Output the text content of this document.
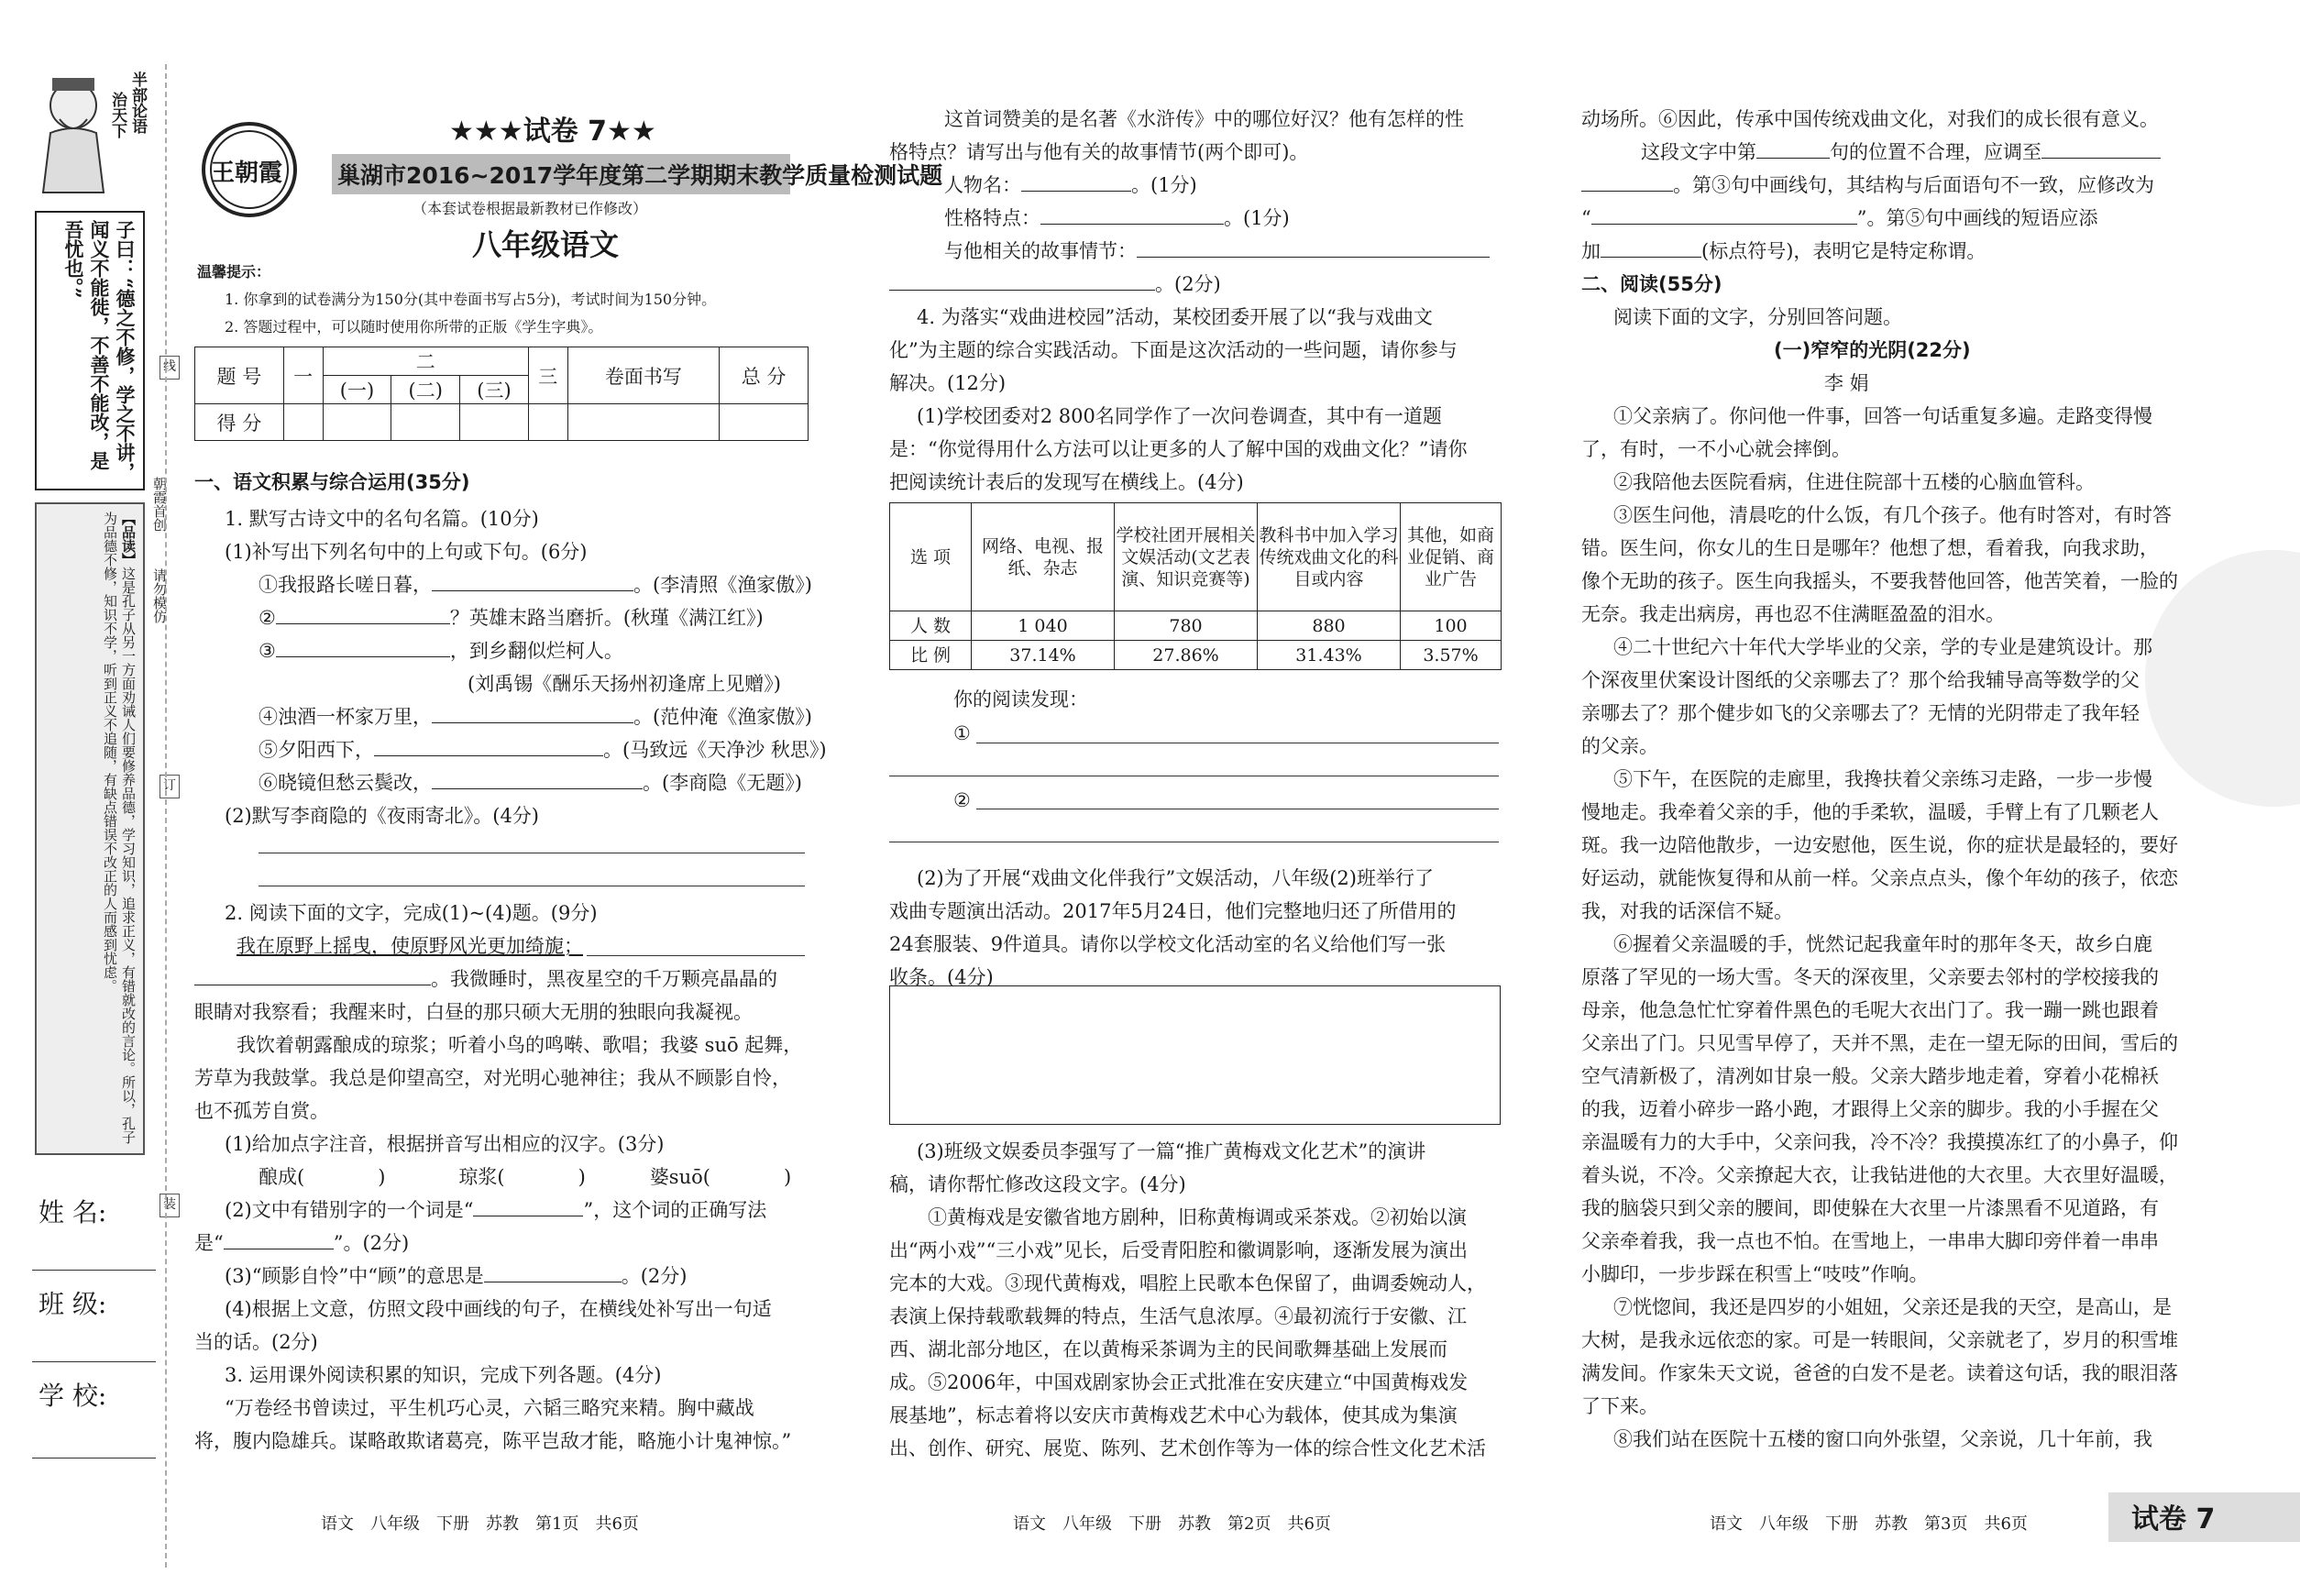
半部论语
治天下
子曰：“德之不修，学之不讲，闻义不能徙，不善不能改，是吾忧也。”
【品读】这是孔子从另一方面劝诫人们要修养品德，学习知识，追求正义，有错就改的言论。所以，孔子为品德不修，知识不学，听到正义不追随，有缺点错误不改正的人而感到忧虑。
朝霞首创
请勿模仿
线
订
装
姓 名:
班 级:
学 校:
王朝霞
★★★试卷 7★★
巢湖市2016~2017学年度第二学期期末教学质量检测试题
（本套试卷根据最新教材已作修改）
八年级语文
温馨提示：
1. 你拿到的试卷满分为150分(其中卷面书写占5分)，考试时间为150分钟。
2. 答题过程中，可以随时使用你所带的正版《学生字典》。
题 号	一	二			三	卷面书写	总 分
		(一)	(二)	(三)			
得 分							
一、语文积累与综合运用(35分)
1. 默写古诗文中的名句名篇。(10分)
(1)补写出下列名句中的上句或下句。(6分)
①我报路长嗟日暮，	。(李清照《渔家傲》)
②	？英雄末路当磨折。(秋瑾《满江红》)
③	，到乡翻似烂柯人。
(刘禹锡《酬乐天扬州初逢席上见赠》)
④浊酒一杯家万里，	。(范仲淹《渔家傲》)
⑤夕阳西下，	。(马致远《天净沙 秋思》)
⑥晓镜但愁云鬓改，	。(李商隐《无题》)
(2)默写李商隐的《夜雨寄北》。(4分)
2. 阅读下面的文字，完成(1)~(4)题。(9分)
我在原野上摇曳，使原野风光更加绮旎；
。我微睡时，黑夜星空的千万颗亮晶晶的
眼睛对我察看；我醒来时，白昼的那只硕大无朋的独眼向我凝视。
我饮着朝露酿成的琼浆；听着小鸟的鸣啭、歌唱；我婆 suō 起舞，
芳草为我鼓掌。我总是仰望高空，对光明心驰神往；我从不顾影自怜，
也不孤芳自赏。
(1)给加点字注音，根据拼音写出相应的汉字。(3分)
酿成(	)	琼浆(	)	婆suō(	)
(2)文中有错别字的一个词是“	”，这个词的正确写法
是“	”。(2分)
(3)“顾影自怜”中“顾”的意思是	。(2分)
(4)根据上文意，仿照文段中画线的句子，在横线处补写出一句适
当的话。(2分)
3. 运用课外阅读积累的知识，完成下列各题。(4分)
“万卷经书曾读过，平生机巧心灵，六韬三略究来精。胸中藏战
将，腹内隐雄兵。谋略敢欺诸葛亮，陈平岂敌才能，略施小计鬼神惊。”
语文　八年级　下册　苏教　第1页　共6页
这首词赞美的是名著《水浒传》中的哪位好汉？他有怎样的性
格特点？请写出与他有关的故事情节(两个即可)。
人物名：	。(1分)
性格特点：	。(1分)
与他相关的故事情节：
。(2分)
4. 为落实“戏曲进校园”活动，某校团委开展了以“我与戏曲文
化”为主题的综合实践活动。下面是这次活动的一些问题，请你参与
解决。(12分)
(1)学校团委对2 800名同学作了一次问卷调查，其中有一道题
是：“你觉得用什么方法可以让更多的人了解中国的戏曲文化？”请你
把阅读统计表后的发现写在横线上。(4分)
选 项	网络、电视、报纸、杂志	学校社团开展相关文娱活动(文艺表演、知识竞赛等)	教科书中加入学习传统戏曲文化的科目或内容	其他，如商业促销、商业广告
人 数	1 040	780	880	100
比 例	37.14%	27.86%	31.43%	3.57%
你的阅读发现：
①
②
(2)为了开展“戏曲文化伴我行”文娱活动，八年级(2)班举行了
戏曲专题演出活动。2017年5月24日，他们完整地归还了所借用的
24套服装、9件道具。请你以学校文化活动室的名义给他们写一张
收条。(4分)
(3)班级文娱委员李强写了一篇“推广黄梅戏文化艺术”的演讲
稿，请你帮忙修改这段文字。(4分)
①黄梅戏是安徽省地方剧种，旧称黄梅调或采茶戏。②初始以演
出“两小戏”“三小戏”见长，后受青阳腔和徽调影响，逐渐发展为演出
完本的大戏。③现代黄梅戏，唱腔上民歌本色保留了，曲调委婉动人，
表演上保持载歌载舞的特点，生活气息浓厚。④最初流行于安徽、江
西、湖北部分地区，在以黄梅采茶调为主的民间歌舞基础上发展而
成。⑤2006年，中国戏剧家协会正式批准在安庆建立“中国黄梅戏发
展基地”，标志着将以安庆市黄梅戏艺术中心为载体，使其成为集演
出、创作、研究、展览、陈列、艺术创作等为一体的综合性文化艺术活
语文　八年级　下册　苏教　第2页　共6页
动场所。⑥因此，传承中国传统戏曲文化，对我们的成长很有意义。
这段文字中第	句的位置不合理，应调至
。第③句中画线句，其结构与后面语句不一致，应修改为
“	”。第⑤句中画线的短语应添
加	(标点符号)，表明它是特定称谓。
二、阅读(55分)
阅读下面的文字，分别回答问题。
(一)窄窄的光阴(22分)
李 娟
①父亲病了。你问他一件事，回答一句话重复多遍。走路变得慢
了，有时，一不小心就会摔倒。
②我陪他去医院看病，住进住院部十五楼的心脑血管科。
③医生问他，清晨吃的什么饭，有几个孩子。他有时答对，有时答
错。医生问，你女儿的生日是哪年？他想了想，看着我，向我求助，
像个无助的孩子。医生向我摇头，不要我替他回答，他苦笑着，一脸的
无奈。我走出病房，再也忍不住满眶盈盈的泪水。
④二十世纪六十年代大学毕业的父亲，学的专业是建筑设计。那
个深夜里伏案设计图纸的父亲哪去了？那个给我辅导高等数学的父
亲哪去了？那个健步如飞的父亲哪去了？无情的光阴带走了我年轻
的父亲。
⑤下午，在医院的走廊里，我搀扶着父亲练习走路，一步一步慢
慢地走。我牵着父亲的手，他的手柔软，温暖，手臂上有了几颗老人
斑。我一边陪他散步，一边安慰他，医生说，你的症状是最轻的，要好
好运动，就能恢复得和从前一样。父亲点点头，像个年幼的孩子，依恋
我，对我的话深信不疑。
⑥握着父亲温暖的手，恍然记起我童年时的那年冬天，故乡白鹿
原落了罕见的一场大雪。冬天的深夜里，父亲要去邻村的学校接我的
母亲，他急急忙忙穿着件黑色的毛呢大衣出门了。我一蹦一跳也跟着
父亲出了门。只见雪早停了，天并不黑，走在一望无际的田间，雪后的
空气清新极了，清冽如甘泉一般。父亲大踏步地走着，穿着小花棉袄
的我，迈着小碎步一路小跑，才跟得上父亲的脚步。我的小手握在父
亲温暖有力的大手中，父亲问我，冷不冷？我摸摸冻红了的小鼻子，仰
着头说，不冷。父亲撩起大衣，让我钻进他的大衣里。大衣里好温暖，
我的脑袋只到父亲的腰间，即使躲在大衣里一片漆黑看不见道路，有
父亲牵着我，我一点也不怕。在雪地上，一串串大脚印旁伴着一串串
小脚印，一步步踩在积雪上“吱吱”作响。
⑦恍惚间，我还是四岁的小姐妞，父亲还是我的天空，是高山，是
大树，是我永远依恋的家。可是一转眼间，父亲就老了，岁月的积雪堆
满发间。作家朱天文说，爸爸的白发不是老。读着这句话，我的眼泪落
了下来。
⑧我们站在医院十五楼的窗口向外张望，父亲说，几十年前，我
语文　八年级　下册　苏教　第3页　共6页	试卷 7
